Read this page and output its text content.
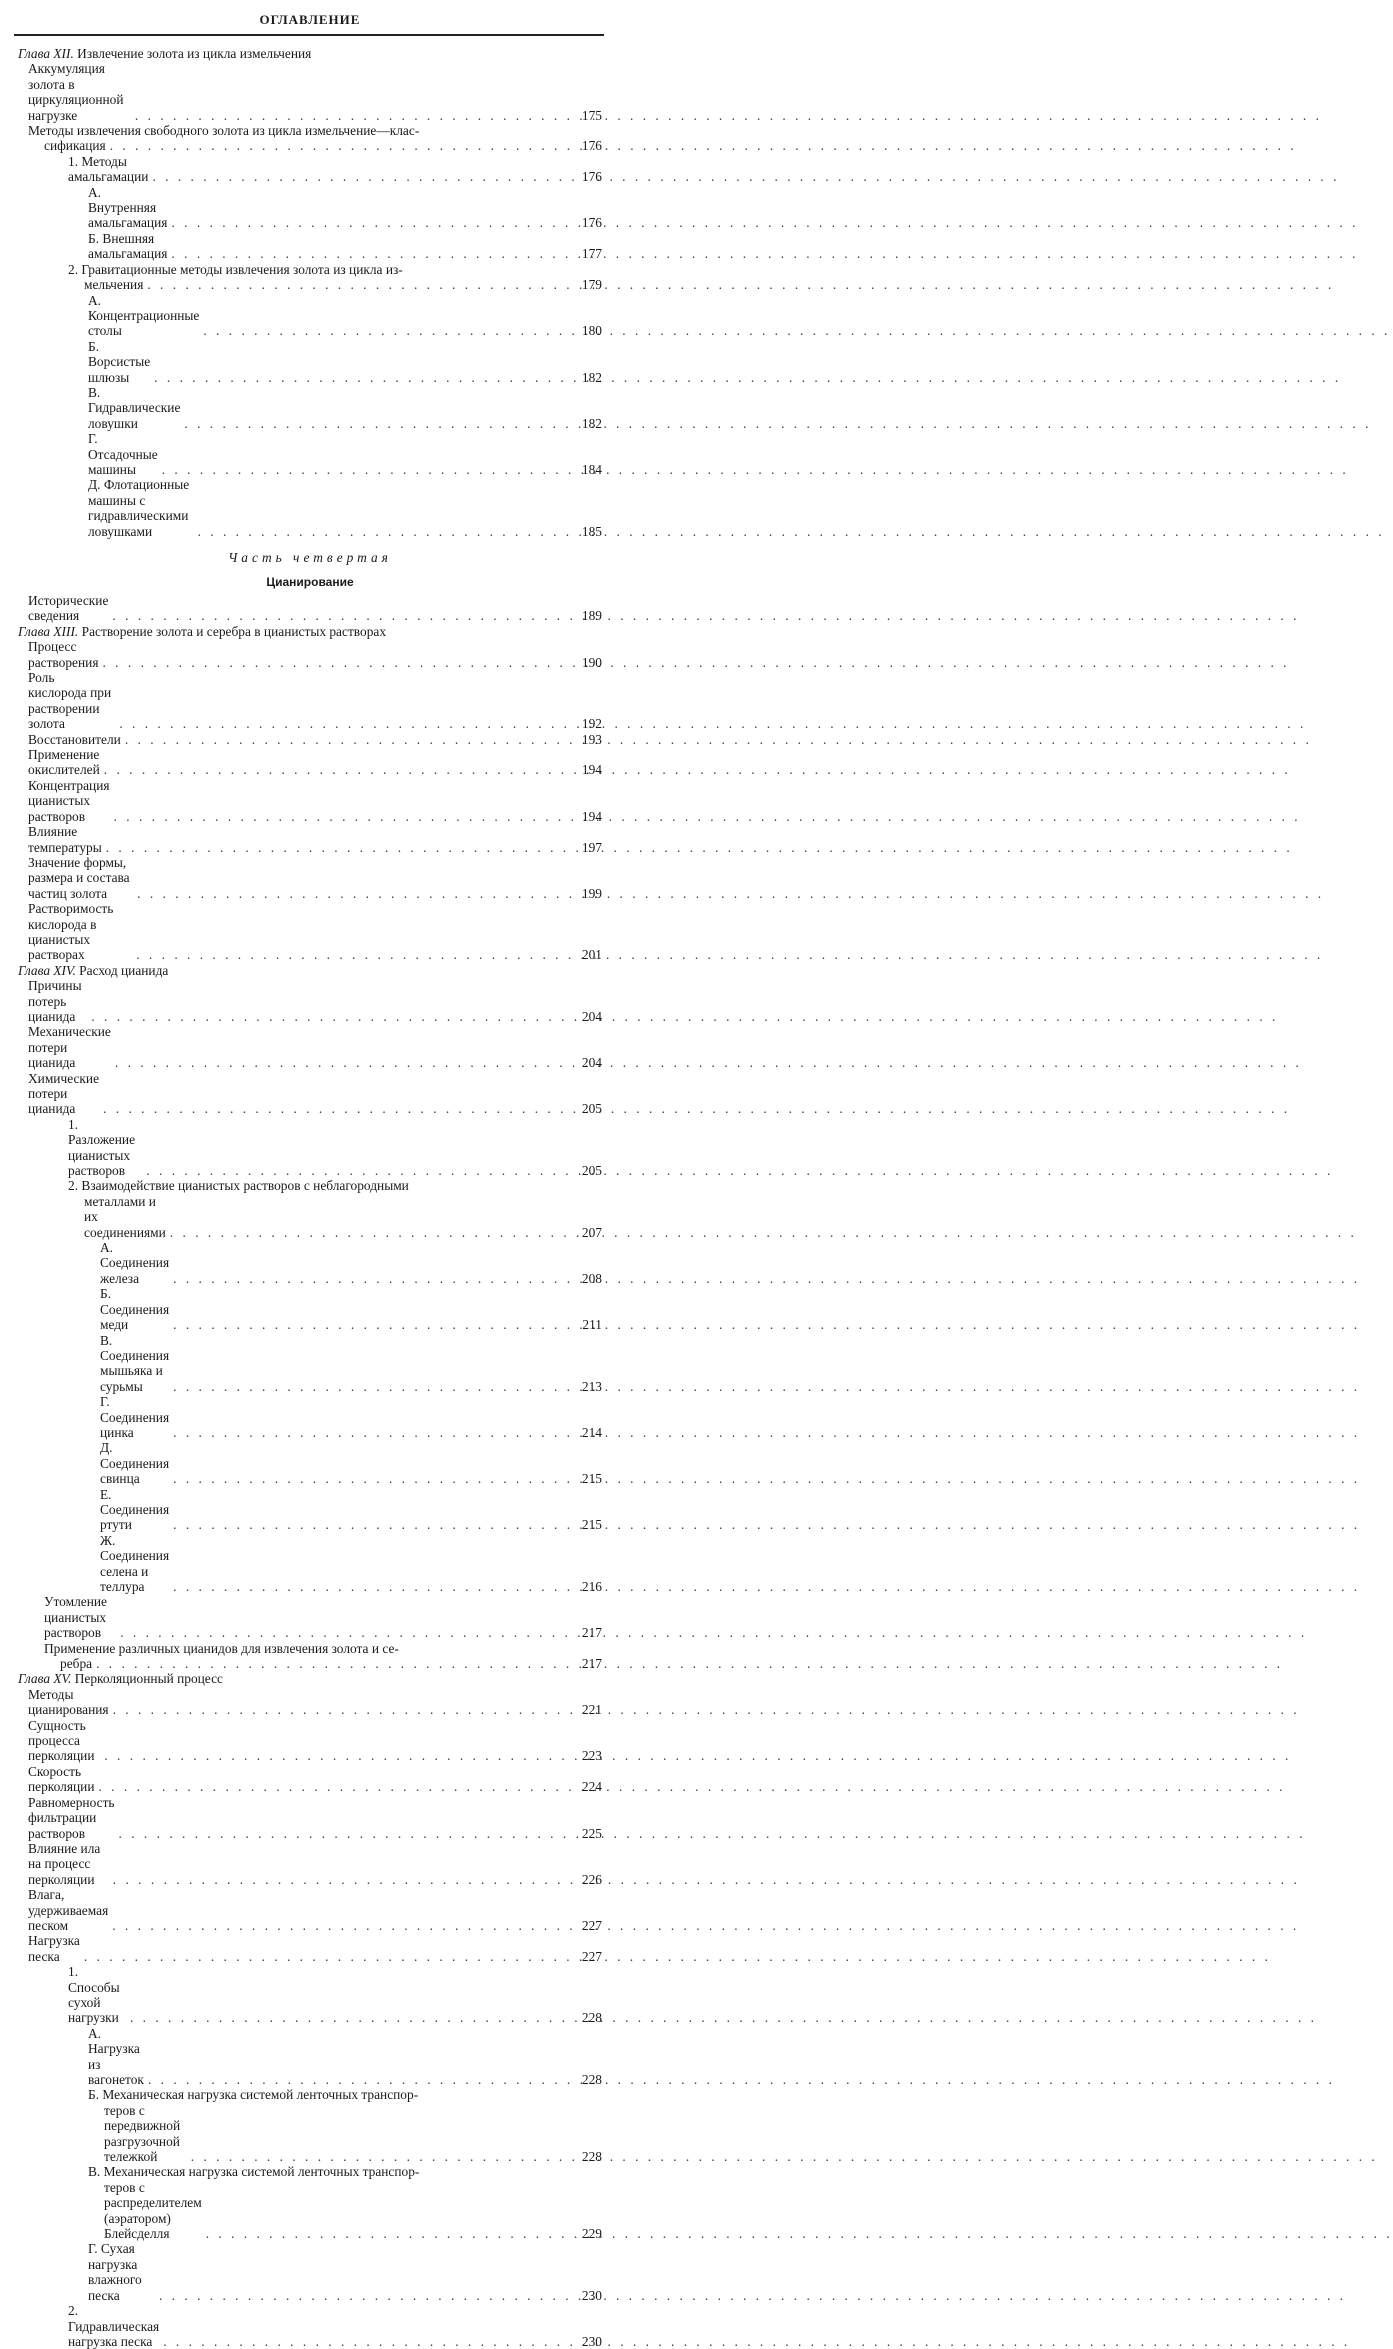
ОГЛАВЛЕНИЕ
Глава XII. Извлечение золота из цикла измельчения
Аккумуляция золота в циркуляционной нагрузке . . .	175
Методы извлечения свободного золота из цикла измельчение—клас-
сификация . . .	176
1. Методы амальгамации . . .	176
А. Внутренняя амальгамация . . .	176
Б. Внешняя амальгамация . . .	177
2. Гравитационные методы извлечения золота из цикла из-
мельчения . . .	179
А. Концентрационные столы . . .	180
Б. Ворсистые шлюзы . . .	182
В. Гидравлические ловушки . . .	182
Г. Отсадочные машины . . .	184
Д. Флотационные машины с гидравлическими ловушками . . .	185
Часть четвертая
Цианирование
Исторические сведения . . .	189
Глава XIII. Растворение золота и серебра в цианистых растворах
Процесс растворения . . .	190
Роль кислорода при растворении золота . . .	192
Восстановители . . .	193
Применение окислителей . . .	194
Концентрация цианистых растворов . . .	194
Влияние температуры . . .	197
Значение формы, размера и состава частиц золота . . .	199
Растворимость кислорода в цианистых растворах . . .	201
Глава XIV. Расход цианида
Причины потерь цианида . . .	204
Механические потери цианида . . .	204
Химические потери цианида . . .	205
1. Разложение цианистых растворов . . .	205
2. Взаимодействие цианистых растворов с неблагородными
металлами и их соединениями . . .	207
А. Соединения железа . . .	208
Б. Соединения меди . . .	211
В. Соединения мышьяка и сурьмы . . .	213
Г. Соединения цинка . . .	214
Д. Соединения свинца . . .	215
Е. Соединения ртути . . .	215
Ж. Соединения селена и теллура . . .	216
Утомление цианистых растворов . . .	217
Применение различных цианидов для извлечения золота и се-
ребра . . .	217
Глава XV. Перколяционный процесс
Методы цианирования . . .	221
Сущность процесса перколяции . . .	223
Скорость перколяции . . .	224
Равномерность фильтрации растворов . . .	225
Влияние ила на процесс перколяции . . .	226
Влага, удерживаемая песком . . .	227
Нагрузка песка . . .	227
1. Способы сухой нагрузки . . .	228
А. Нагрузка из вагонеток . . .	228
Б. Механическая нагрузка системой ленточных транспор-
теров с передвижной разгрузочной тележкой . . .	228
В. Механическая нагрузка системой ленточных транспор-
теров с распределителем (аэратором) Блейсделля . . .	229
Г. Сухая нагрузка влажного песка . . .	230
2. Гидравлическая нагрузка песка . . .	230
